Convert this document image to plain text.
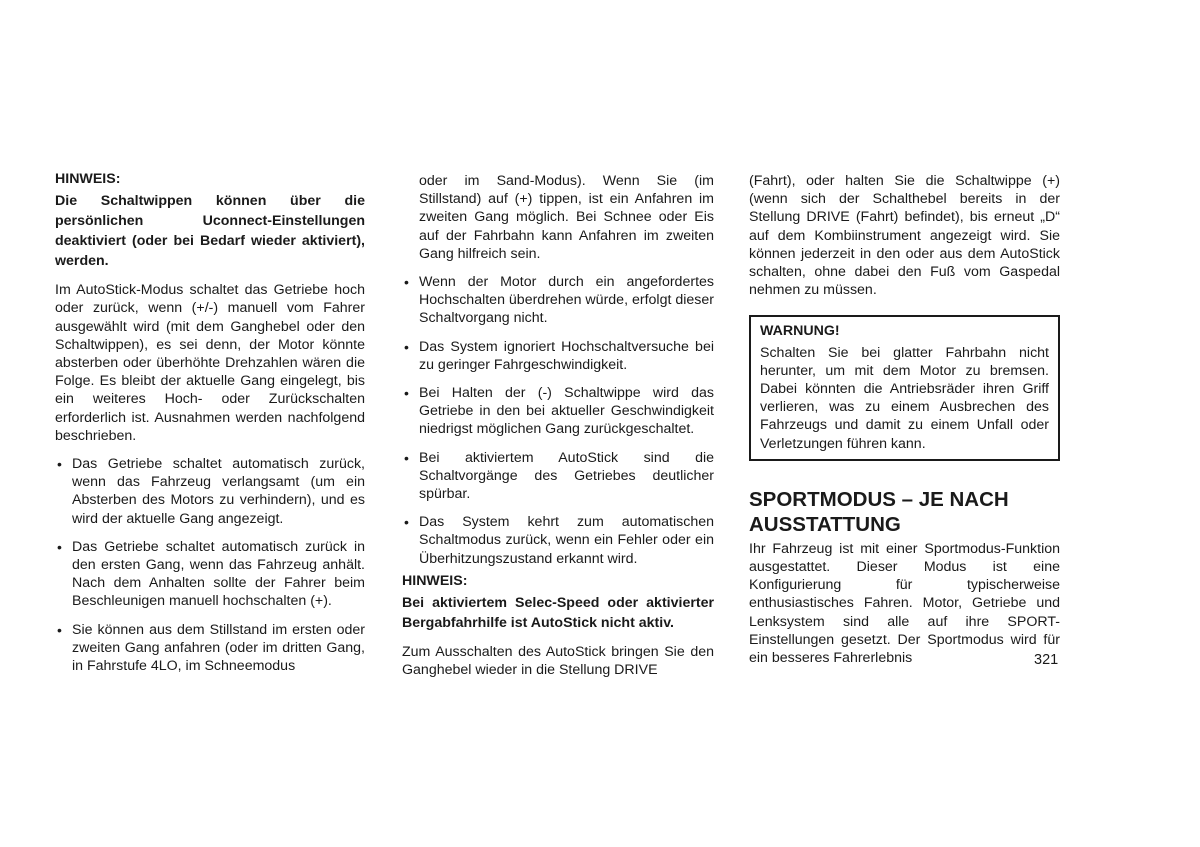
HINWEIS:
Die Schaltwippen können über die persönlichen Uconnect-Einstellungen deaktiviert (oder bei Bedarf wieder aktiviert), werden.

Im AutoStick-Modus schaltet das Getriebe hoch oder zurück, wenn (+/-) manuell vom Fahrer ausgewählt wird (mit dem Ganghebel oder den Schaltwippen), es sei denn, der Motor könnte absterben oder überhöhte Drehzahlen wären die Folge. Es bleibt der aktuelle Gang eingelegt, bis ein weiteres Hoch- oder Zurückschalten erforderlich ist. Ausnahmen werden nachfolgend beschrieben.

• Das Getriebe schaltet automatisch zurück, wenn das Fahrzeug verlangsamt (um ein Absterben des Motors zu verhindern), und es wird der aktuelle Gang angezeigt.
• Das Getriebe schaltet automatisch zurück in den ersten Gang, wenn das Fahrzeug anhält. Nach dem Anhalten sollte der Fahrer beim Beschleunigen manuell hochschalten (+).
• Sie können aus dem Stillstand im ersten oder zweiten Gang anfahren (oder im dritten Gang, in Fahrstufe 4LO, im Schneemodus

oder im Sand-Modus). Wenn Sie (im Stillstand) auf (+) tippen, ist ein Anfahren im zweiten Gang möglich. Bei Schnee oder Eis auf der Fahrbahn kann Anfahren im zweiten Gang hilfreich sein.

• Wenn der Motor durch ein angefordertes Hochschalten überdrehen würde, erfolgt dieser Schaltvorgang nicht.
• Das System ignoriert Hochschaltversuche bei zu geringer Fahrgeschwindigkeit.
• Bei Halten der (-) Schaltwippe wird das Getriebe in den bei aktueller Geschwindigkeit niedrigst möglichen Gang zurückgeschaltet.
• Bei aktiviertem AutoStick sind die Schaltvorgänge des Getriebes deutlicher spürbar.
• Das System kehrt zum automatischen Schaltmodus zurück, wenn ein Fehler oder ein Überhitzungszustand erkannt wird.
HINWEIS:
Bei aktiviertem Selec-Speed oder aktivierter Bergabfahrhilfe ist AutoStick nicht aktiv.

Zum Ausschalten des AutoStick bringen Sie den Ganghebel wieder in die Stellung DRIVE

(Fahrt), oder halten Sie die Schaltwippe (+) (wenn sich der Schalthebel bereits in der Stellung DRIVE (Fahrt) befindet), bis erneut „D“ auf dem Kombiinstrument angezeigt wird. Sie können jederzeit in den oder aus dem AutoStick schalten, ohne dabei den Fuß vom Gaspedal nehmen zu müssen.

WARNUNG!

Schalten Sie bei glatter Fahrbahn nicht herunter, um mit dem Motor zu bremsen. Dabei könnten die Antriebsräder ihren Griff verlieren, was zu einem Ausbrechen des Fahrzeugs und damit zu einem Unfall oder Verletzungen führen kann.

SPORTMODUS – JE NACH AUSSTATTUNG

Ihr Fahrzeug ist mit einer Sportmodus-Funktion ausgestattet. Dieser Modus ist eine Konfigurierung für typischerweise enthusiastisches Fahren. Motor, Getriebe und Lenksystem sind alle auf ihre SPORT-Einstellungen gesetzt. Der Sportmodus wird für ein besseres Fahrerlebnis	321
